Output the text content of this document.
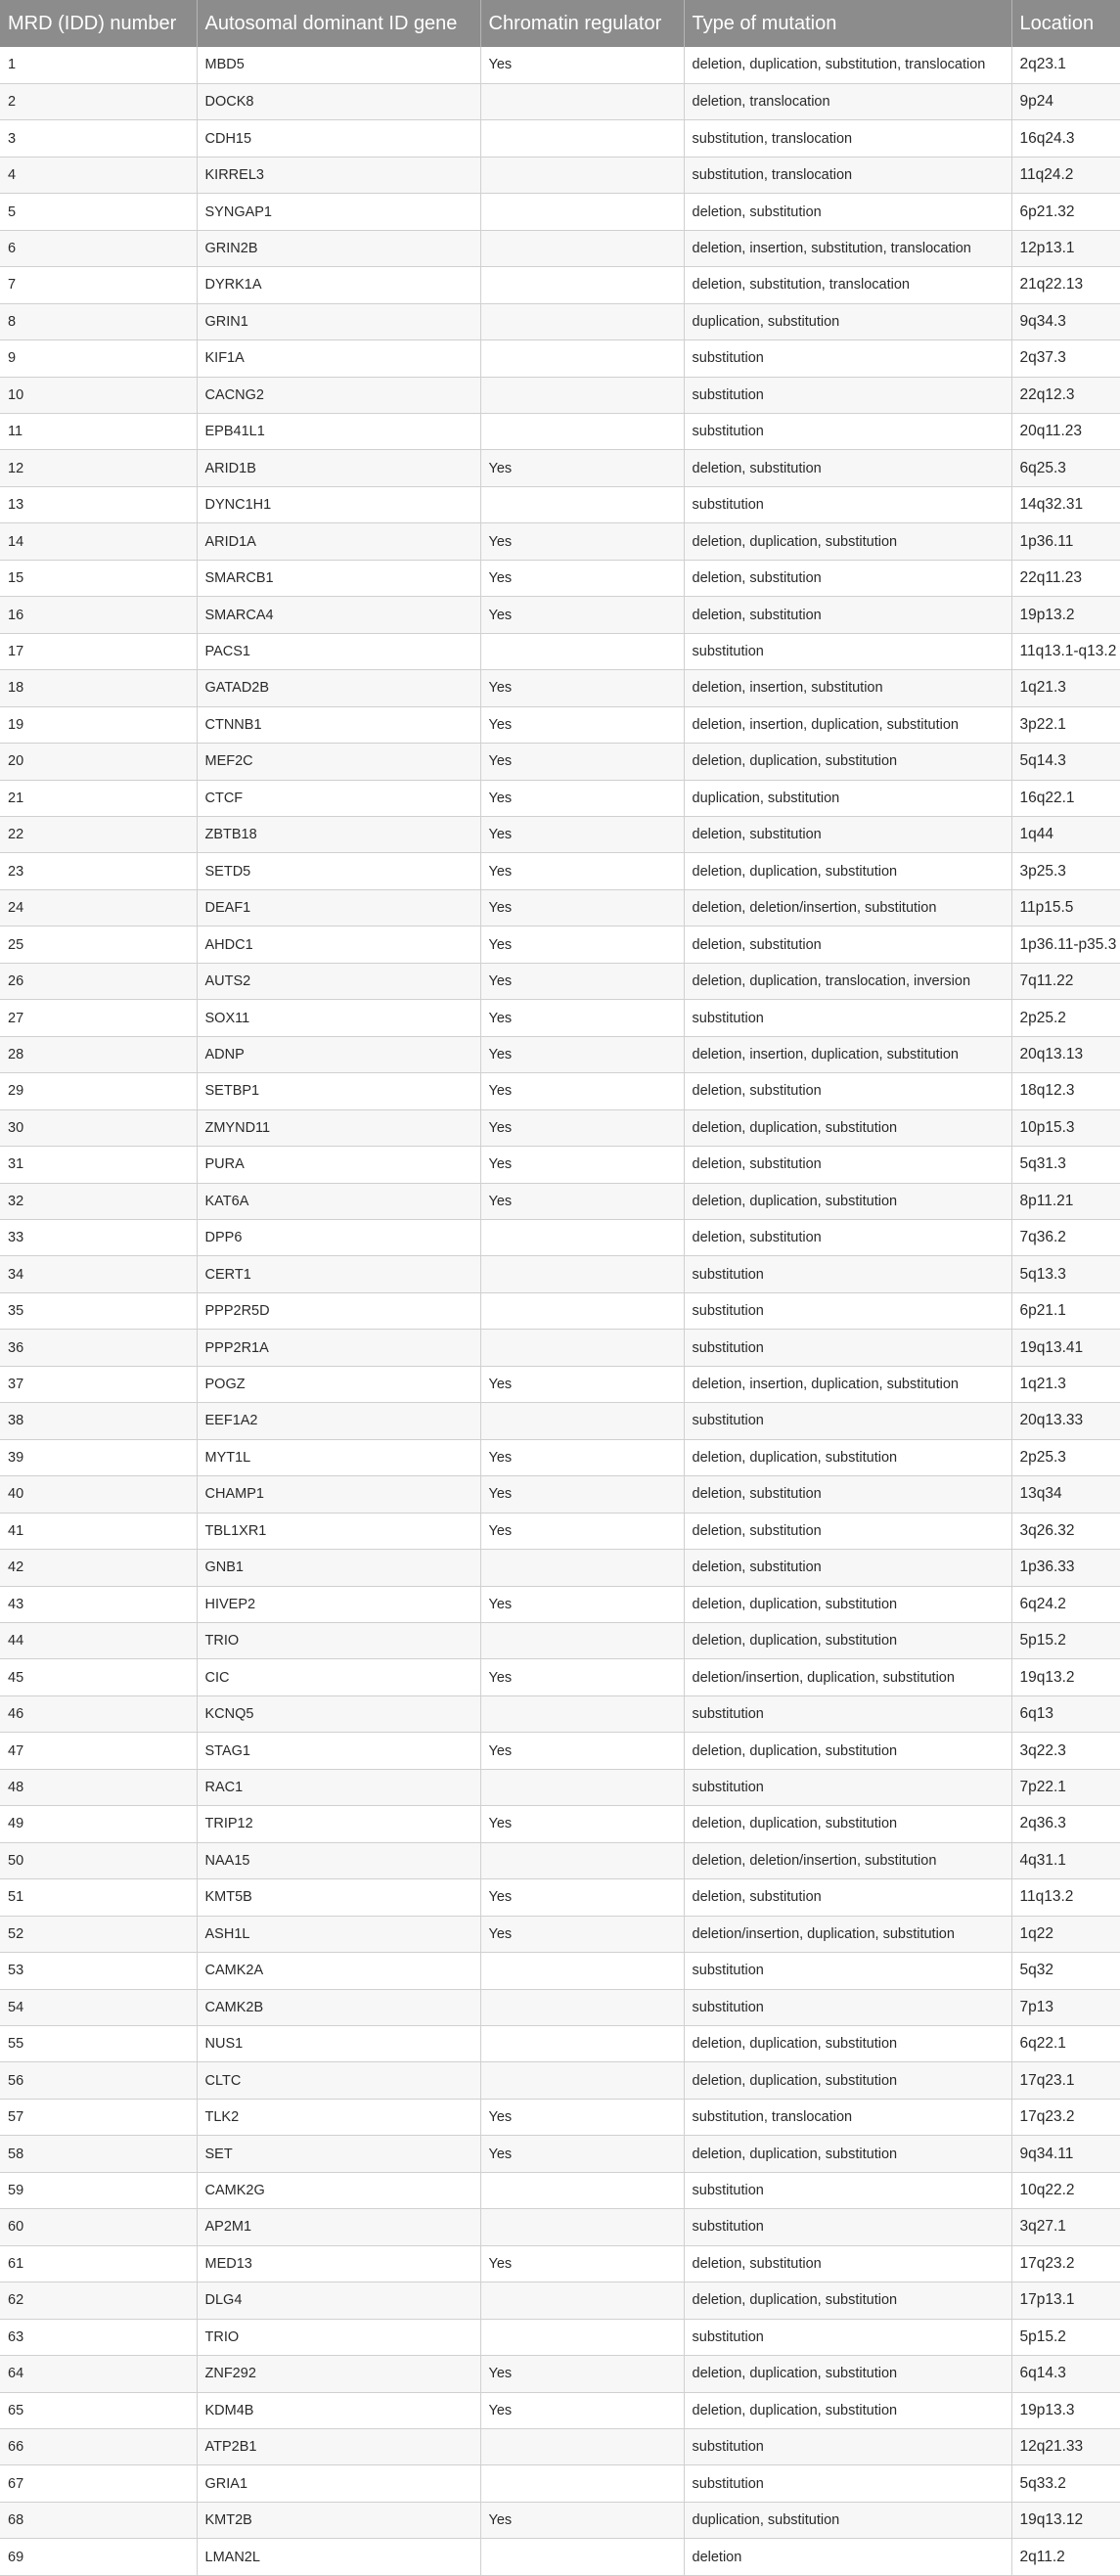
MRD (IDD) number	Autosomal dominant ID gene	Chromatin regulator	Type of mutation	Location
1	MBD5	Yes	deletion, duplication, substitution, translocation	2q23.1
2	DOCK8		deletion, translocation	9p24
3	CDH15		substitution, translocation	16q24.3
4	KIRREL3		substitution, translocation	11q24.2
5	SYNGAP1		deletion, substitution	6p21.32
6	GRIN2B		deletion, insertion, substitution, translocation	12p13.1
7	DYRK1A		deletion, substitution, translocation	21q22.13
8	GRIN1		duplication, substitution	9q34.3
9	KIF1A		substitution	2q37.3
10	CACNG2		substitution	22q12.3
11	EPB41L1		substitution	20q11.23
12	ARID1B	Yes	deletion, substitution	6q25.3
13	DYNC1H1		substitution	14q32.31
14	ARID1A	Yes	deletion, duplication, substitution	1p36.11
15	SMARCB1	Yes	deletion, substitution	22q11.23
16	SMARCA4	Yes	deletion, substitution	19p13.2
17	PACS1		substitution	11q13.1-q13.2
18	GATAD2B	Yes	deletion, insertion, substitution	1q21.3
19	CTNNB1	Yes	deletion, insertion, duplication, substitution	3p22.1
20	MEF2C	Yes	deletion, duplication, substitution	5q14.3
21	CTCF	Yes	duplication, substitution	16q22.1
22	ZBTB18	Yes	deletion, substitution	1q44
23	SETD5	Yes	deletion, duplication, substitution	3p25.3
24	DEAF1	Yes	deletion, deletion/insertion, substitution	11p15.5
25	AHDC1	Yes	deletion, substitution	1p36.11-p35.3
26	AUTS2	Yes	deletion, duplication, translocation, inversion	7q11.22
27	SOX11	Yes	substitution	2p25.2
28	ADNP	Yes	deletion, insertion, duplication, substitution	20q13.13
29	SETBP1	Yes	deletion, substitution	18q12.3
30	ZMYND11	Yes	deletion, duplication, substitution	10p15.3
31	PURA	Yes	deletion, substitution	5q31.3
32	KAT6A	Yes	deletion, duplication, substitution	8p11.21
33	DPP6		deletion, substitution	7q36.2
34	CERT1		substitution	5q13.3
35	PPP2R5D		substitution	6p21.1
36	PPP2R1A		substitution	19q13.41
37	POGZ	Yes	deletion, insertion, duplication, substitution	1q21.3
38	EEF1A2		substitution	20q13.33
39	MYT1L	Yes	deletion, duplication, substitution	2p25.3
40	CHAMP1	Yes	deletion, substitution	13q34
41	TBL1XR1	Yes	deletion, substitution	3q26.32
42	GNB1		deletion, substitution	1p36.33
43	HIVEP2	Yes	deletion, duplication, substitution	6q24.2
44	TRIO		deletion, duplication, substitution	5p15.2
45	CIC	Yes	deletion/insertion, duplication, substitution	19q13.2
46	KCNQ5		substitution	6q13
47	STAG1	Yes	deletion, duplication, substitution	3q22.3
48	RAC1		substitution	7p22.1
49	TRIP12	Yes	deletion, duplication, substitution	2q36.3
50	NAA15		deletion, deletion/insertion, substitution	4q31.1
51	KMT5B	Yes	deletion, substitution	11q13.2
52	ASH1L	Yes	deletion/insertion, duplication, substitution	1q22
53	CAMK2A		substitution	5q32
54	CAMK2B		substitution	7p13
55	NUS1		deletion, duplication, substitution	6q22.1
56	CLTC		deletion, duplication, substitution	17q23.1
57	TLK2	Yes	substitution, translocation	17q23.2
58	SET	Yes	deletion, duplication, substitution	9q34.11
59	CAMK2G		substitution	10q22.2
60	AP2M1		substitution	3q27.1
61	MED13	Yes	deletion, substitution	17q23.2
62	DLG4		deletion, duplication, substitution	17p13.1
63	TRIO		substitution	5p15.2
64	ZNF292	Yes	deletion, duplication, substitution	6q14.3
65	KDM4B	Yes	deletion, duplication, substitution	19p13.3
66	ATP2B1		substitution	12q21.33
67	GRIA1		substitution	5q33.2
68	KMT2B	Yes	duplication, substitution	19q13.12
69	LMAN2L		deletion	2q11.2
